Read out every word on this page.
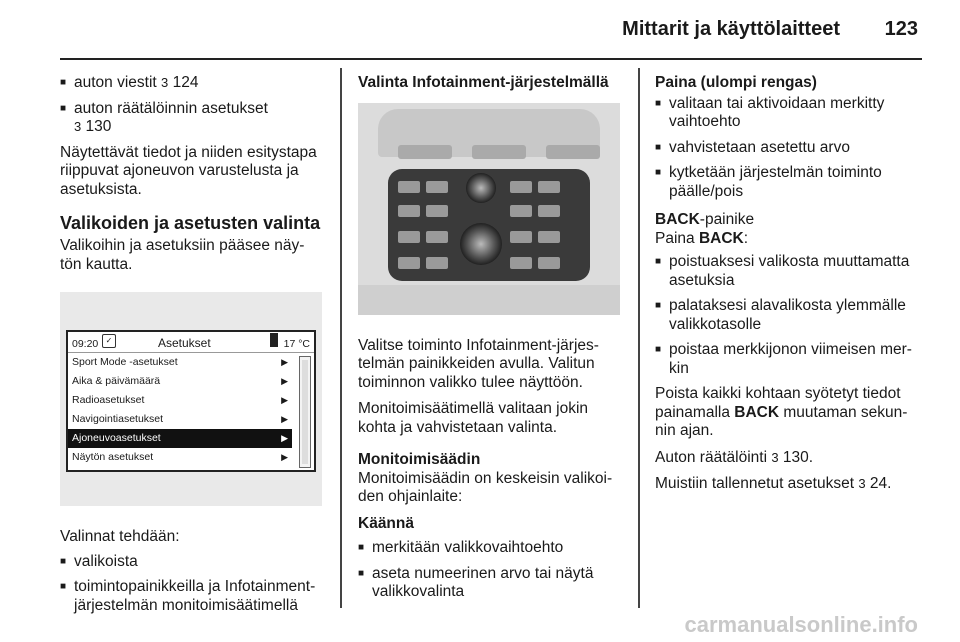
Mittarit ja käyttölaitteet 123
■ auton viestit 3 124
■ auton räätälöinnin asetukset
3 130

Näytettävät tiedot ja niiden esitystapa riippuvat ajoneuvon varustelusta ja asetuksista.

Valikoiden ja asetusten valinta

Valikoihin ja asetuksiin pääsee näy-tön kautta.

09:20 ✓	Asetukset	17 °C
Sport Mode -asetukset	▶
Aika & päivämäärä	▶
Radioasetukset	▶
Navigointiasetukset	▶
Ajoneuvoasetukset	▶
Näytön asetukset	▶

Valinnat tehdään:

■ valikoista
■ toimintopainikkeilla ja Infotainment-järjestelmän monitoimisäätimellä
Valinta Infotainment-järjestelmällä

Valitse toiminto Infotainment-järjes-telmän painikkeiden avulla. Valitun toiminnon valikko tulee näyttöön.

Monitoimisäätimellä valitaan jokin kohta ja vahvistetaan valinta.

Monitoimisäädin

Monitoimisäädin on keskeisin valikoi-den ohjainlaite:

Käännä
■ merkitään valikkovaihtoehto
■ aseta numeerinen arvo tai näytä valikkovalinta
Paina (ulompi rengas)
■ valitaan tai aktivoidaan merkitty vaihtoehto
■ vahvistetaan asetettu arvo
■ kytketään järjestelmän toiminto päälle/pois

BACK-painike

Paina BACK:

■ poistuaksesi valikosta muuttamatta asetuksia
■ palataksesi alavalikosta ylemmälle valikkotasolle
■ poistaa merkkijonon viimeisen mer-kin

Poista kaikki kohtaan syötetyt tiedot painamalla BACK muutaman sekun-nin ajan.

Auton räätälöinti 3 130.

Muistiin tallennetut asetukset 3 24.

carmanualsonline.info
